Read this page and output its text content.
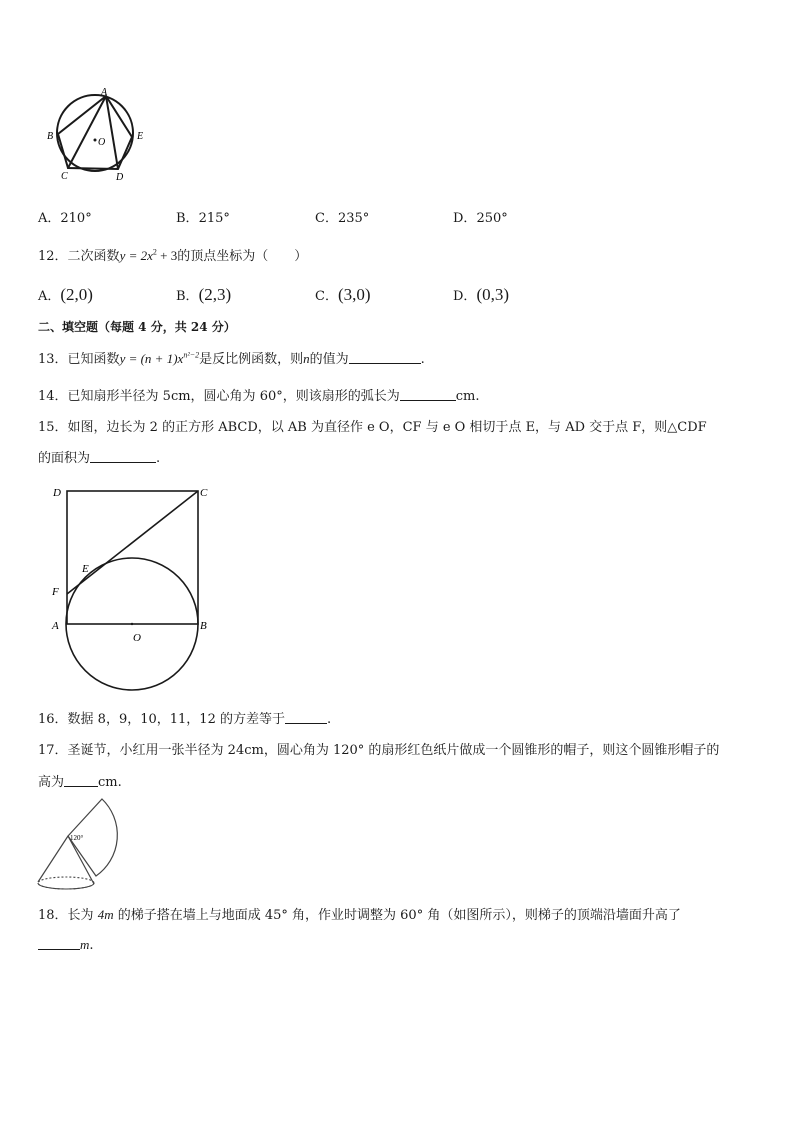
A
B
C	D
E
O
A．210°	B．215°	C．235°	D．250°
12．二次函数$y = 2x^2 + 3$的顶点坐标为（　　）
A．(2,0)	B．(2,3)	C．(3,0)	D．(0,3)
二、填空题（每题 4 分，共 24 分）
13．已知函数$y = (n + 1)x^{n^2-2}$是反比例函数，则n的值为	.
14．已知扇形半径为 5cm，圆心角为 60°，则该扇形的弧长为	cm.
15．如图，边长为 2 的正方形 ABCD，以 AB 为直径作 e O，CF 与 e O 相切于点 E，与 AD 交于点 F，则△CDF
的面积为	.
D	C
E
F
A	B
O
16．数据 8，9，10，11，12 的方差等于	.
17．圣诞节，小红用一张半径为 24cm，圆心角为 120° 的扇形红色纸片做成一个圆锥形的帽子，则这个圆锥形帽子的
高为	cm.
120°
18．长为 4m 的梯子搭在墙上与地面成 45° 角，作业时调整为 60° 角（如图所示），则梯子的顶端沿墙面升高了
m.
